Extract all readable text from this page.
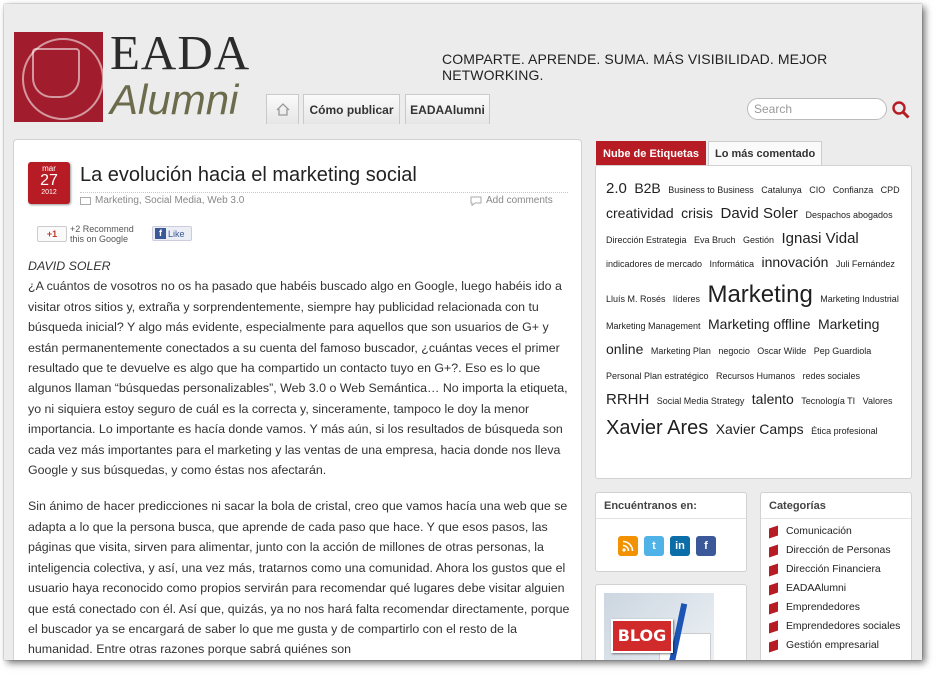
EADA
Alumni
COMPARTE. APRENDE. SUMA. MÁS VISIBILIDAD. MEJOR NETWORKING.
Cómo publicar	EADAAlumni	Search
mar
27
2012
La evolución hacia el marketing social
Marketing, Social Media, Web 3.0	Add comments
+1 +2 Recommend this on Google
f Like

DAVID SOLER
¿A cuántos de vosotros no os ha pasado que habéis buscado algo en Google, luego habéis ido a visitar otros sitios y, extraña y sorprendentemente, siempre hay publicidad relacionada con tu búsqueda inicial? Y algo más evidente, especialmente para aquellos que son usuarios de G+ y están permanentemente conectados a su cuenta del famoso buscador, ¿cuántas veces el primer resultado que te devuelve es algo que ha compartido un contacto tuyo en G+?. Eso es lo que algunos llaman “búsquedas personalizables”, Web 3.0 o Web Semántica… No importa la etiqueta, yo ni siquiera estoy seguro de cuál es la correcta y, sinceramente, tampoco le doy la menor importancia. Lo importante es hacía donde vamos. Y más aún, si los resultados de búsqueda son cada vez más importantes para el marketing y las ventas de una empresa, hacia donde nos lleva Google y sus búsquedas, y como éstas nos afectarán.

Sin ánimo de hacer predicciones ni sacar la bola de cristal, creo que vamos hacía una web que se adapta a lo que la persona busca, que aprende de cada paso que hace. Y que esos pasos, las páginas que visita, sirven para alimentar, junto con la acción de millones de otras personas, la inteligencia colectiva, y así, una vez más, tratarnos como una comunidad. Ahora los gustos que el usuario haya reconocido como propios servirán para recomendar qué lugares debe visitar alguien que está conectado con él. Así que, quizás, ya no nos hará falta recomendar directamente, porque el buscador ya se encargará de saber lo que me gusta y de compartirlo con el resto de la humanidad. Entre otras razones porque sabrá quiénes son

Nube de Etiquetas	Lo más comentado
2.0 B2B Business to Business Catalunya CIO Confianza CPD creatividad crisis David Soler Despachos abogados Dirección Estrategia Eva Bruch Gestión Ignasi Vidal indicadores de mercado Informática innovación Juli Fernández Lluís M. Rosés líderes Marketing Marketing Industrial Marketing Management Marketing offline Marketing online Marketing Plan negocio Oscar Wilde Pep Guardiola Personal Plan estratégico Recursos Humanos redes sociales RRHH Social Media Strategy talento Tecnología TI Valores Xavier Ares Xavier Camps Ética profesional
Encuéntranos en:
t	in	f
BLOG
Categorías
Comunicación
Dirección de Personas
Dirección Financiera
EADAAlumni
Emprendedores
Emprendedores sociales
Gestión empresarial
